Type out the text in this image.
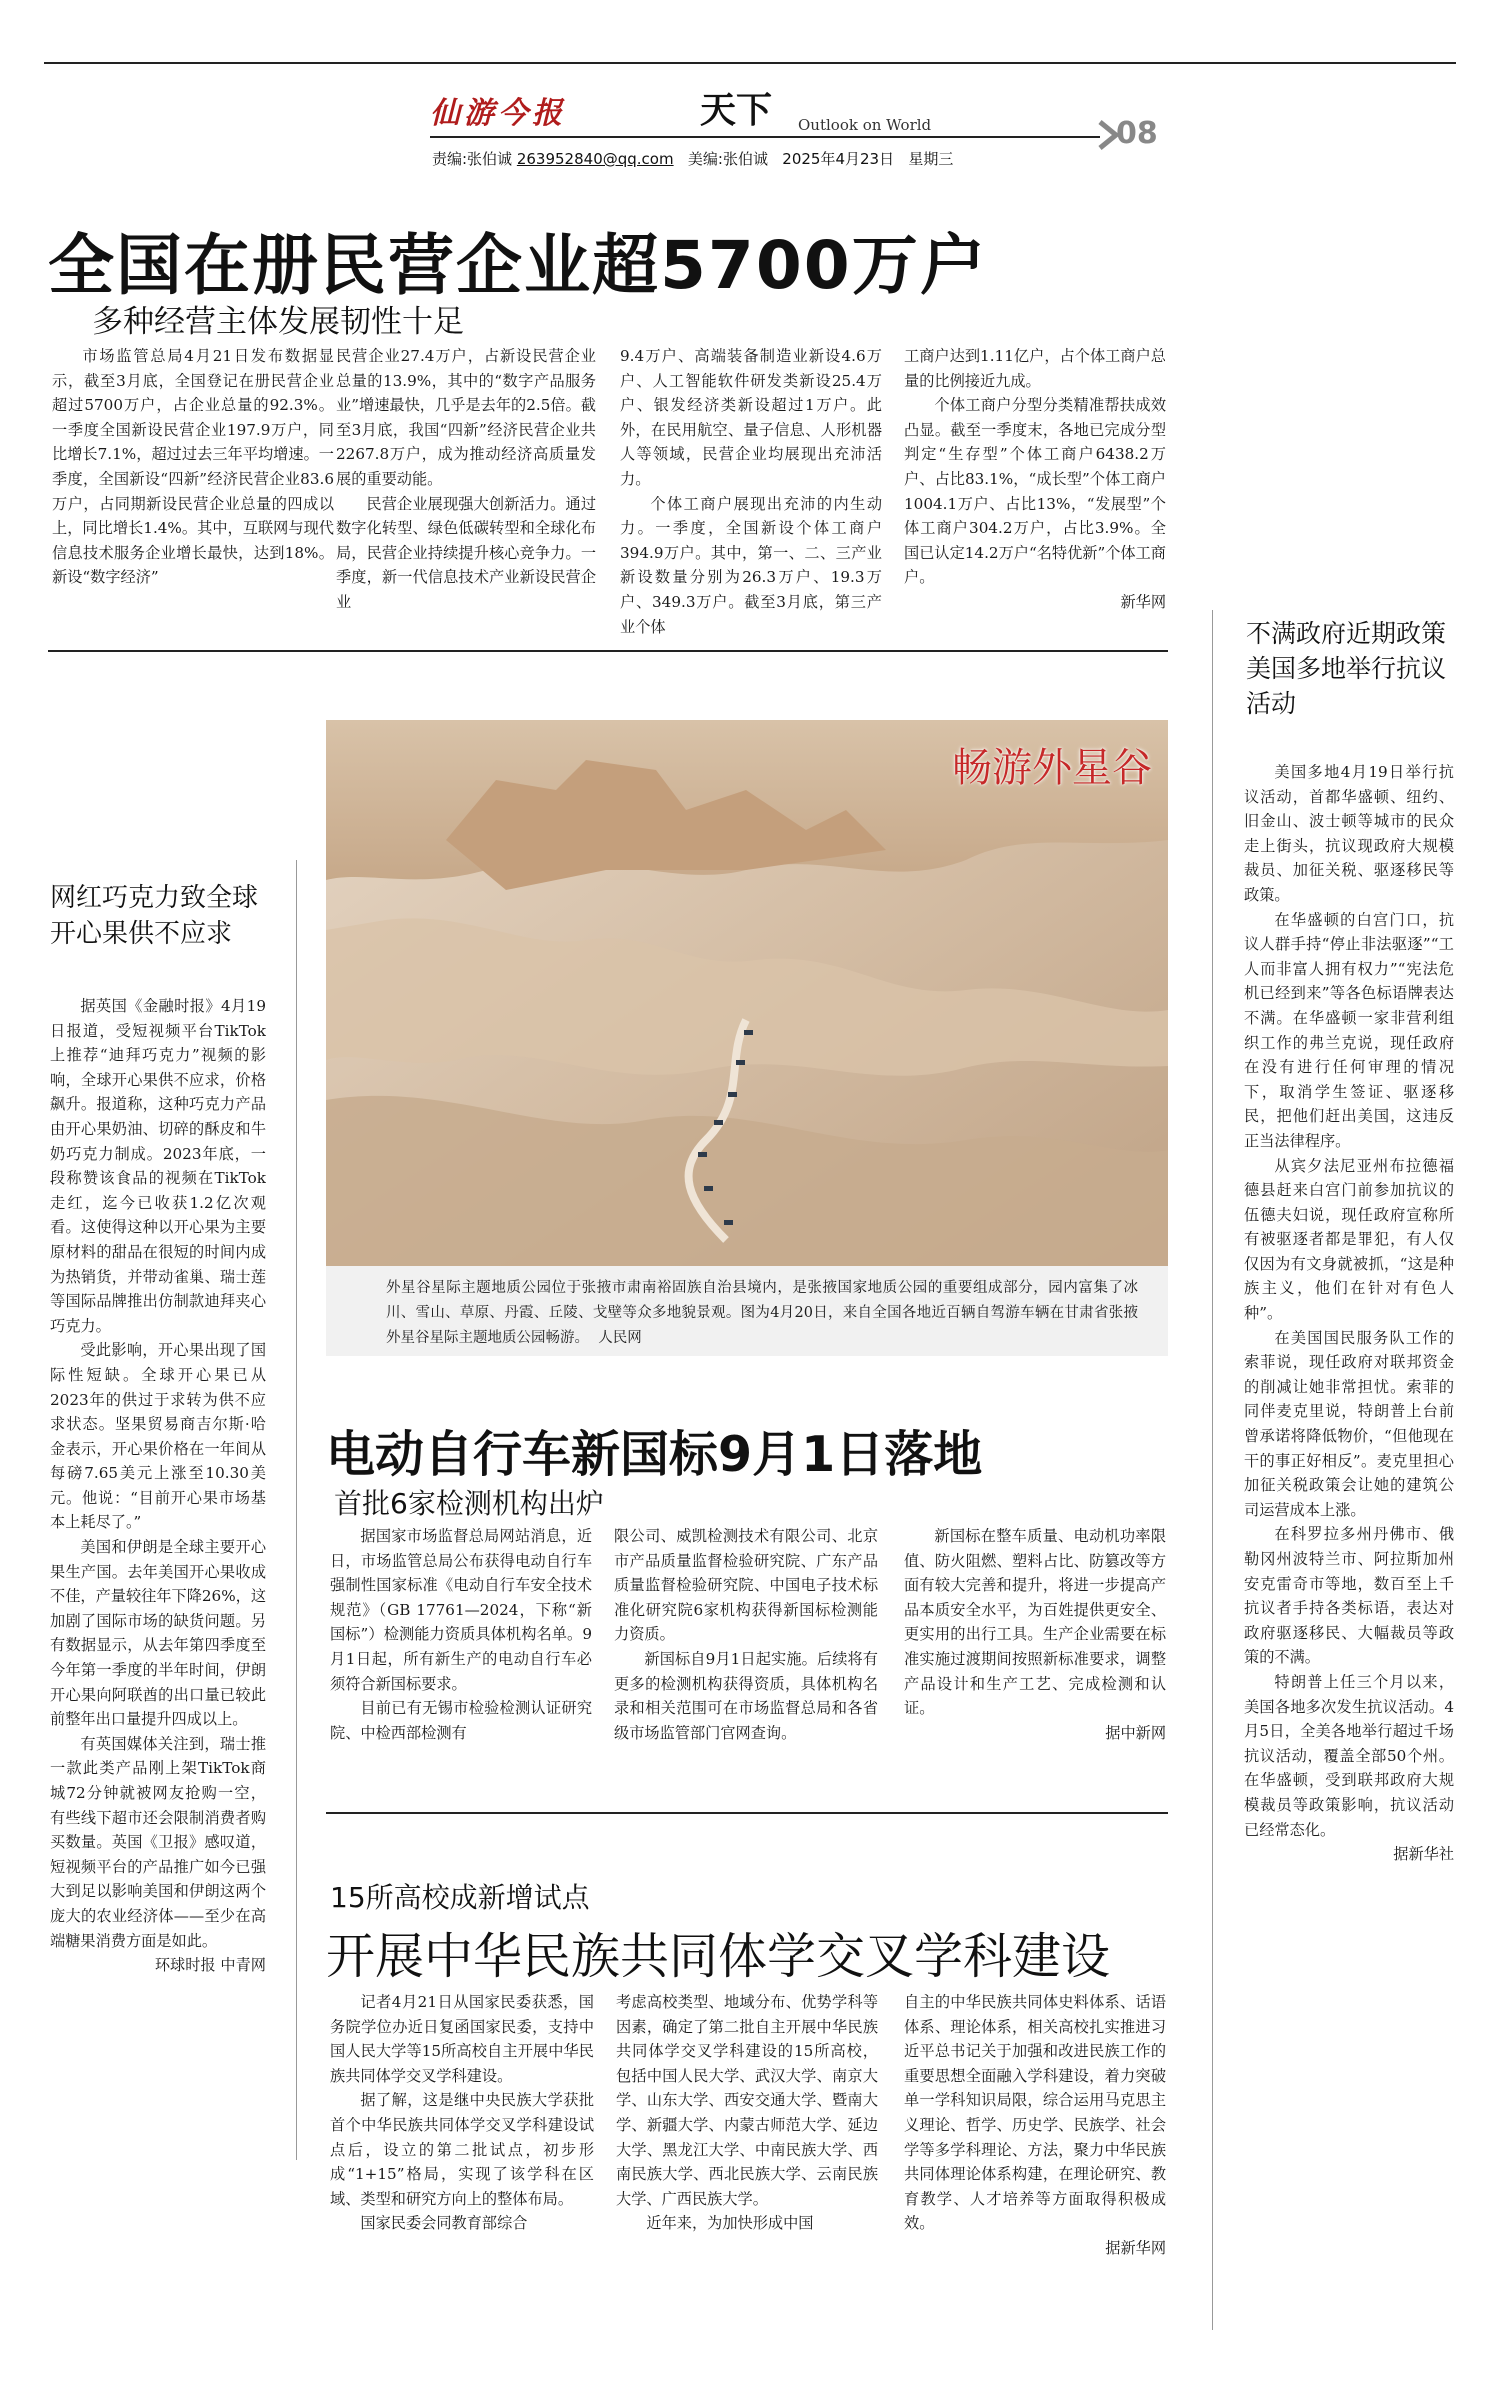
仙游今报	天下 Outlook on World	08
责编:张伯诚 263952840@qq.com 美编:张伯诚 2025年4月23日 星期三
全国在册民营企业超5700万户
多种经营主体发展韧性十足

市场监管总局4月21日发布数据显示，截至3月底，全国登记在册民营企业超过5700万户，占企业总量的92.3%。一季度全国新设民营企业197.9万户，同比增长7.1%，超过过去三年平均增速。一季度，全国新设“四新”经济民营企业83.6万户，占同期新设民营企业总量的四成以上，同比增长1.4%。其中，互联网与现代信息技术服务企业增长最快，达到18%。新设“数字经济”

民营企业27.4万户，占新设民营企业总量的13.9%，其中的“数字产品服务业”增速最快，几乎是去年的2.5倍。截至3月底，我国“四新”经济民营企业共2267.8万户，成为推动经济高质量发展的重要动能。

民营企业展现强大创新活力。通过数字化转型、绿色低碳转型和全球化布局，民营企业持续提升核心竞争力。一季度，新一代信息技术产业新设民营企业

9.4万户、高端装备制造业新设4.6万户、人工智能软件研发类新设25.4万户、银发经济类新设超过1万户。此外，在民用航空、量子信息、人形机器人等领域，民营企业均展现出充沛活力。

个体工商户展现出充沛的内生动力。一季度，全国新设个体工商户394.9万户。其中，第一、二、三产业新设数量分别为26.3万户、19.3万户、349.3万户。截至3月底，第三产业个体

工商户达到1.11亿户，占个体工商户总量的比例接近九成。

个体工商户分型分类精准帮扶成效凸显。截至一季度末，各地已完成分型判定“生存型”个体工商户6438.2万户、占比83.1%，“成长型”个体工商户1004.1万户、占比13%，“发展型”个体工商户304.2万户，占比3.9%。全国已认定14.2万户“名特优新”个体工商户。

新华网

网红巧克力致全球开心果供不应求

据英国《金融时报》4月19日报道，受短视频平台TikTok上推荐“迪拜巧克力”视频的影响，全球开心果供不应求，价格飙升。报道称，这种巧克力产品由开心果奶油、切碎的酥皮和牛奶巧克力制成。2023年底，一段称赞该食品的视频在TikTok走红，迄今已收获1.2亿次观看。这使得这种以开心果为主要原材料的甜品在很短的时间内成为热销货，并带动雀巢、瑞士莲等国际品牌推出仿制款迪拜夹心巧克力。

受此影响，开心果出现了国际性短缺。全球开心果已从2023年的供过于求转为供不应求状态。坚果贸易商吉尔斯·哈金表示，开心果价格在一年间从每磅7.65美元上涨至10.30美元。他说：“目前开心果市场基本上耗尽了。”

美国和伊朗是全球主要开心果生产国。去年美国开心果收成不佳，产量较往年下降26%，这加剧了国际市场的缺货问题。另有数据显示，从去年第四季度至今年第一季度的半年时间，伊朗开心果向阿联酋的出口量已较此前整年出口量提升四成以上。

有英国媒体关注到，瑞士推一款此类产品刚上架TikTok商城72分钟就被网友抢购一空，有些线下超市还会限制消费者购买数量。英国《卫报》感叹道，短视频平台的产品推广如今已强大到足以影响美国和伊朗这两个庞大的农业经济体——至少在高端糖果消费方面是如此。

环球时报 中青网

畅游外星谷
外星谷星际主题地质公园位于张掖市肃南裕固族自治县境内，是张掖国家地质公园的重要组成部分，园内富集了冰川、雪山、草原、丹霞、丘陵、戈壁等众多地貌景观。图为4月20日，来自全国各地近百辆自驾游车辆在甘肃省张掖外星谷星际主题地质公园畅游。 人民网
电动自行车新国标9月1日落地
首批6家检测机构出炉

据国家市场监督总局网站消息，近日，市场监管总局公布获得电动自行车强制性国家标准《电动自行车安全技术规范》（GB 17761—2024，下称“新国标”）检测能力资质具体机构名单。9月1日起，所有新生产的电动自行车必须符合新国标要求。

目前已有无锡市检验检测认证研究院、中检西部检测有

限公司、威凯检测技术有限公司、北京市产品质量监督检验研究院、广东产品质量监督检验研究院、中国电子技术标准化研究院6家机构获得新国标检测能力资质。

新国标自9月1日起实施。后续将有更多的检测机构获得资质，具体机构名录和相关范围可在市场监督总局和各省级市场监管部门官网查询。

新国标在整车质量、电动机功率限值、防火阻燃、塑料占比、防篡改等方面有较大完善和提升，将进一步提高产品本质安全水平，为百姓提供更安全、更实用的出行工具。生产企业需要在标准实施过渡期间按照新标准要求，调整产品设计和生产工艺、完成检测和认证。

据中新网

15所高校成新增试点
开展中华民族共同体学交叉学科建设

记者4月21日从国家民委获悉，国务院学位办近日复函国家民委，支持中国人民大学等15所高校自主开展中华民族共同体学交叉学科建设。

据了解，这是继中央民族大学获批首个中华民族共同体学交叉学科建设试点后，设立的第二批试点，初步形成“1+15”格局，实现了该学科在区域、类型和研究方向上的整体布局。

国家民委会同教育部综合

考虑高校类型、地域分布、优势学科等因素，确定了第二批自主开展中华民族共同体学交叉学科建设的15所高校，包括中国人民大学、武汉大学、南京大学、山东大学、西安交通大学、暨南大学、新疆大学、内蒙古师范大学、延边大学、黑龙江大学、中南民族大学、西南民族大学、西北民族大学、云南民族大学、广西民族大学。

近年来，为加快形成中国

自主的中华民族共同体史料体系、话语体系、理论体系，相关高校扎实推进习近平总书记关于加强和改进民族工作的重要思想全面融入学科建设，着力突破单一学科知识局限，综合运用马克思主义理论、哲学、历史学、民族学、社会学等多学科理论、方法，聚力中华民族共同体理论体系构建，在理论研究、教育教学、人才培养等方面取得积极成效。

据新华网

不满政府近期政策美国多地举行抗议活动

美国多地4月19日举行抗议活动，首都华盛顿、纽约、旧金山、波士顿等城市的民众走上街头，抗议现政府大规模裁员、加征关税、驱逐移民等政策。

在华盛顿的白宫门口，抗议人群手持“停止非法驱逐”“工人而非富人拥有权力”“宪法危机已经到来”等各色标语牌表达不满。在华盛顿一家非营利组织工作的弗兰克说，现任政府在没有进行任何审理的情况下，取消学生签证、驱逐移民，把他们赶出美国，这违反正当法律程序。

从宾夕法尼亚州布拉德福德县赶来白宫门前参加抗议的伍德夫妇说，现任政府宣称所有被驱逐者都是罪犯，有人仅仅因为有文身就被抓，“这是种族主义，他们在针对有色人种”。

在美国国民服务队工作的索菲说，现任政府对联邦资金的削减让她非常担忧。索菲的同伴麦克里说，特朗普上台前曾承诺将降低物价，“但他现在干的事正好相反”。麦克里担心加征关税政策会让她的建筑公司运营成本上涨。

在科罗拉多州丹佛市、俄勒冈州波特兰市、阿拉斯加州安克雷奇市等地，数百至上千抗议者手持各类标语，表达对政府驱逐移民、大幅裁员等政策的不满。

特朗普上任三个月以来，美国各地多次发生抗议活动。4月5日，全美各地举行超过千场抗议活动，覆盖全部50个州。在华盛顿，受到联邦政府大规模裁员等政策影响，抗议活动已经常态化。

据新华社
